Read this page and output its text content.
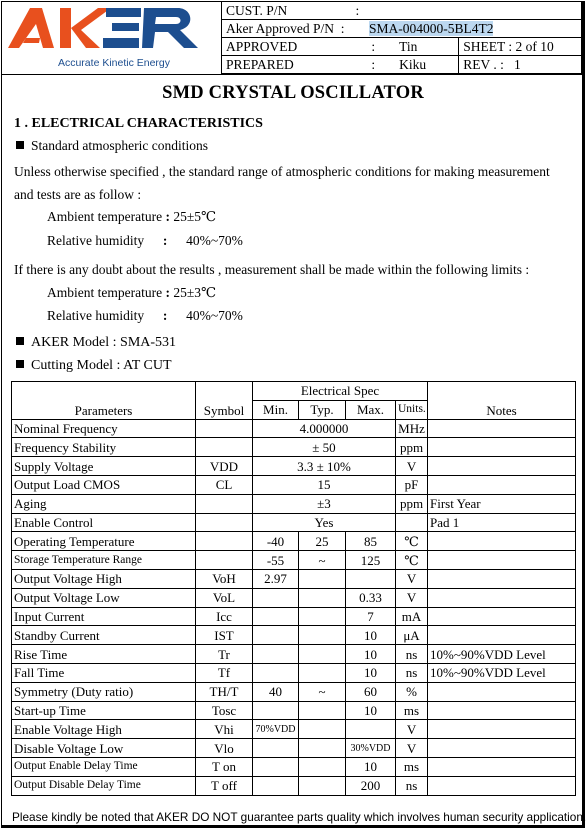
Accurate Kinetic Energy
CUST. P/N	:		
Aker Approved P/N :	SMA-004000-5BL4T2		
APPROVED	:	Tin	SHEET : 2 of 10
PREPARED	:	Kiku	REV . : 1
SMD CRYSTAL OSCILLATOR
1 . ELECTRICAL CHARACTERISTICS
Standard atmospheric conditions
Unless otherwise specified , the standard range of atmospheric conditions for making measurement
and tests are as follow :
Ambient temperature : 25±5℃
Relative humidity : 40%~70%
If there is any doubt about the results , measurement shall be made within the following limits :
Ambient temperature : 25±3℃
Relative humidity : 40%~70%
AKER Model : SMA-531
Cutting Model : AT CUT
Parameters	Symbol	Electrical Spec				Notes
		Min.	Typ.	Max.	Units.	
Nominal Frequency		4.000000			MHz	
Frequency Stability		± 50			ppm	
Supply Voltage	VDD	3.3 ± 10%			V	
Output Load CMOS	CL	15			pF	
Aging		±3			ppm	First Year
Enable Control		Yes				Pad 1
Operating Temperature		-40	25	85	℃	
Storage Temperature Range		-55	~	125	℃	
Output Voltage High	VoH	2.97			V	
Output Voltage Low	VoL			0.33	V	
Input Current	Icc			7	mA	
Standby Current	IST			10	μA	
Rise Time	Tr			10	ns	10%~90%VDD Level
Fall Time	Tf			10	ns	10%~90%VDD Level
Symmetry (Duty ratio)	TH/T	40	~	60	%	
Start-up Time	Tosc			10	ms	
Enable Voltage High	Vhi	70%VDD			V	
Disable Voltage Low	Vlo			30%VDD	V	
Output Enable Delay Time	T on			10	ms	
Output Disable Delay Time	T off			200	ns	
Please kindly be noted that AKER DO NOT guarantee parts quality which involves human security application.
